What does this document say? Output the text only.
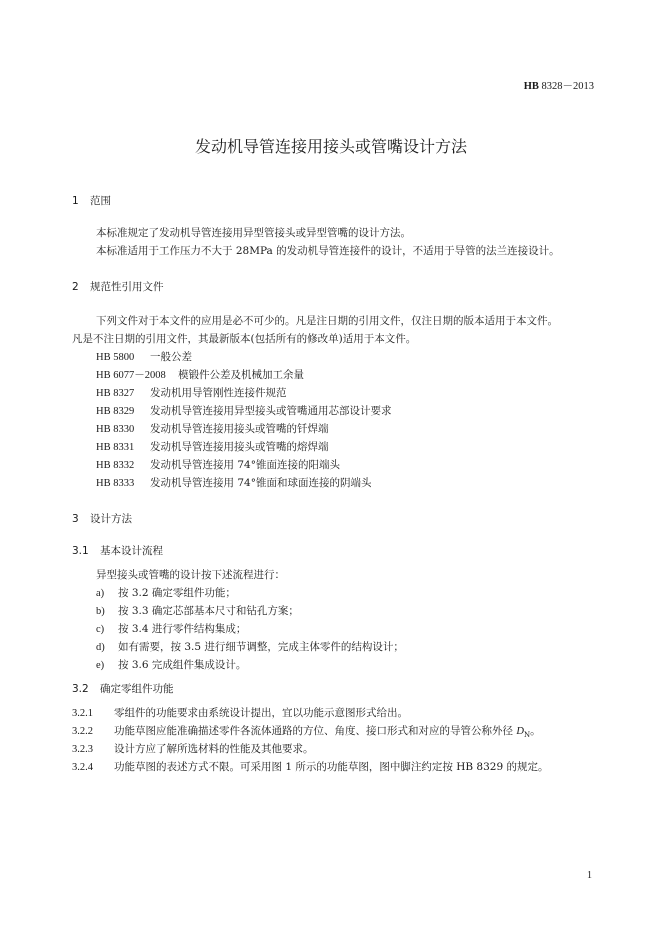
HB 8328－2013
发动机导管连接用接头或管嘴设计方法
1 范围
本标准规定了发动机导管连接用异型管接头或异型管嘴的设计方法。
本标准适用于工作压力不大于 28MPa 的发动机导管连接件的设计，不适用于导管的法兰连接设计。
2 规范性引用文件
下列文件对于本文件的应用是必不可少的。凡是注日期的引用文件，仅注日期的版本适用于本文件。
凡是不注日期的引用文件，其最新版本(包括所有的修改单)适用于本文件。
HB 5800 一般公差
HB 6077－2008 模锻件公差及机械加工余量
HB 8327 发动机用导管刚性连接件规范
HB 8329 发动机导管连接用异型接头或管嘴通用芯部设计要求
HB 8330 发动机导管连接用接头或管嘴的钎焊端
HB 8331 发动机导管连接用接头或管嘴的熔焊端
HB 8332 发动机导管连接用 74°锥面连接的阳端头
HB 8333 发动机导管连接用 74°锥面和球面连接的阴端头
3 设计方法
3.1 基本设计流程
异型接头或管嘴的设计按下述流程进行：
a) 按 3.2 确定零组件功能；
b) 按 3.3 确定芯部基本尺寸和钻孔方案；
c) 按 3.4 进行零件结构集成；
d) 如有需要，按 3.5 进行细节调整，完成主体零件的结构设计；
e) 按 3.6 完成组件集成设计。
3.2 确定零组件功能
3.2.1 零组件的功能要求由系统设计提出，宜以功能示意图形式给出。
3.2.2 功能草图应能准确描述零件各流体通路的方位、角度、接口形式和对应的导管公称外径 $D_N$。
3.2.3 设计方应了解所选材料的性能及其他要求。
3.2.4 功能草图的表述方式不限。可采用图 1 所示的功能草图，图中脚注约定按 HB 8329 的规定。
1
